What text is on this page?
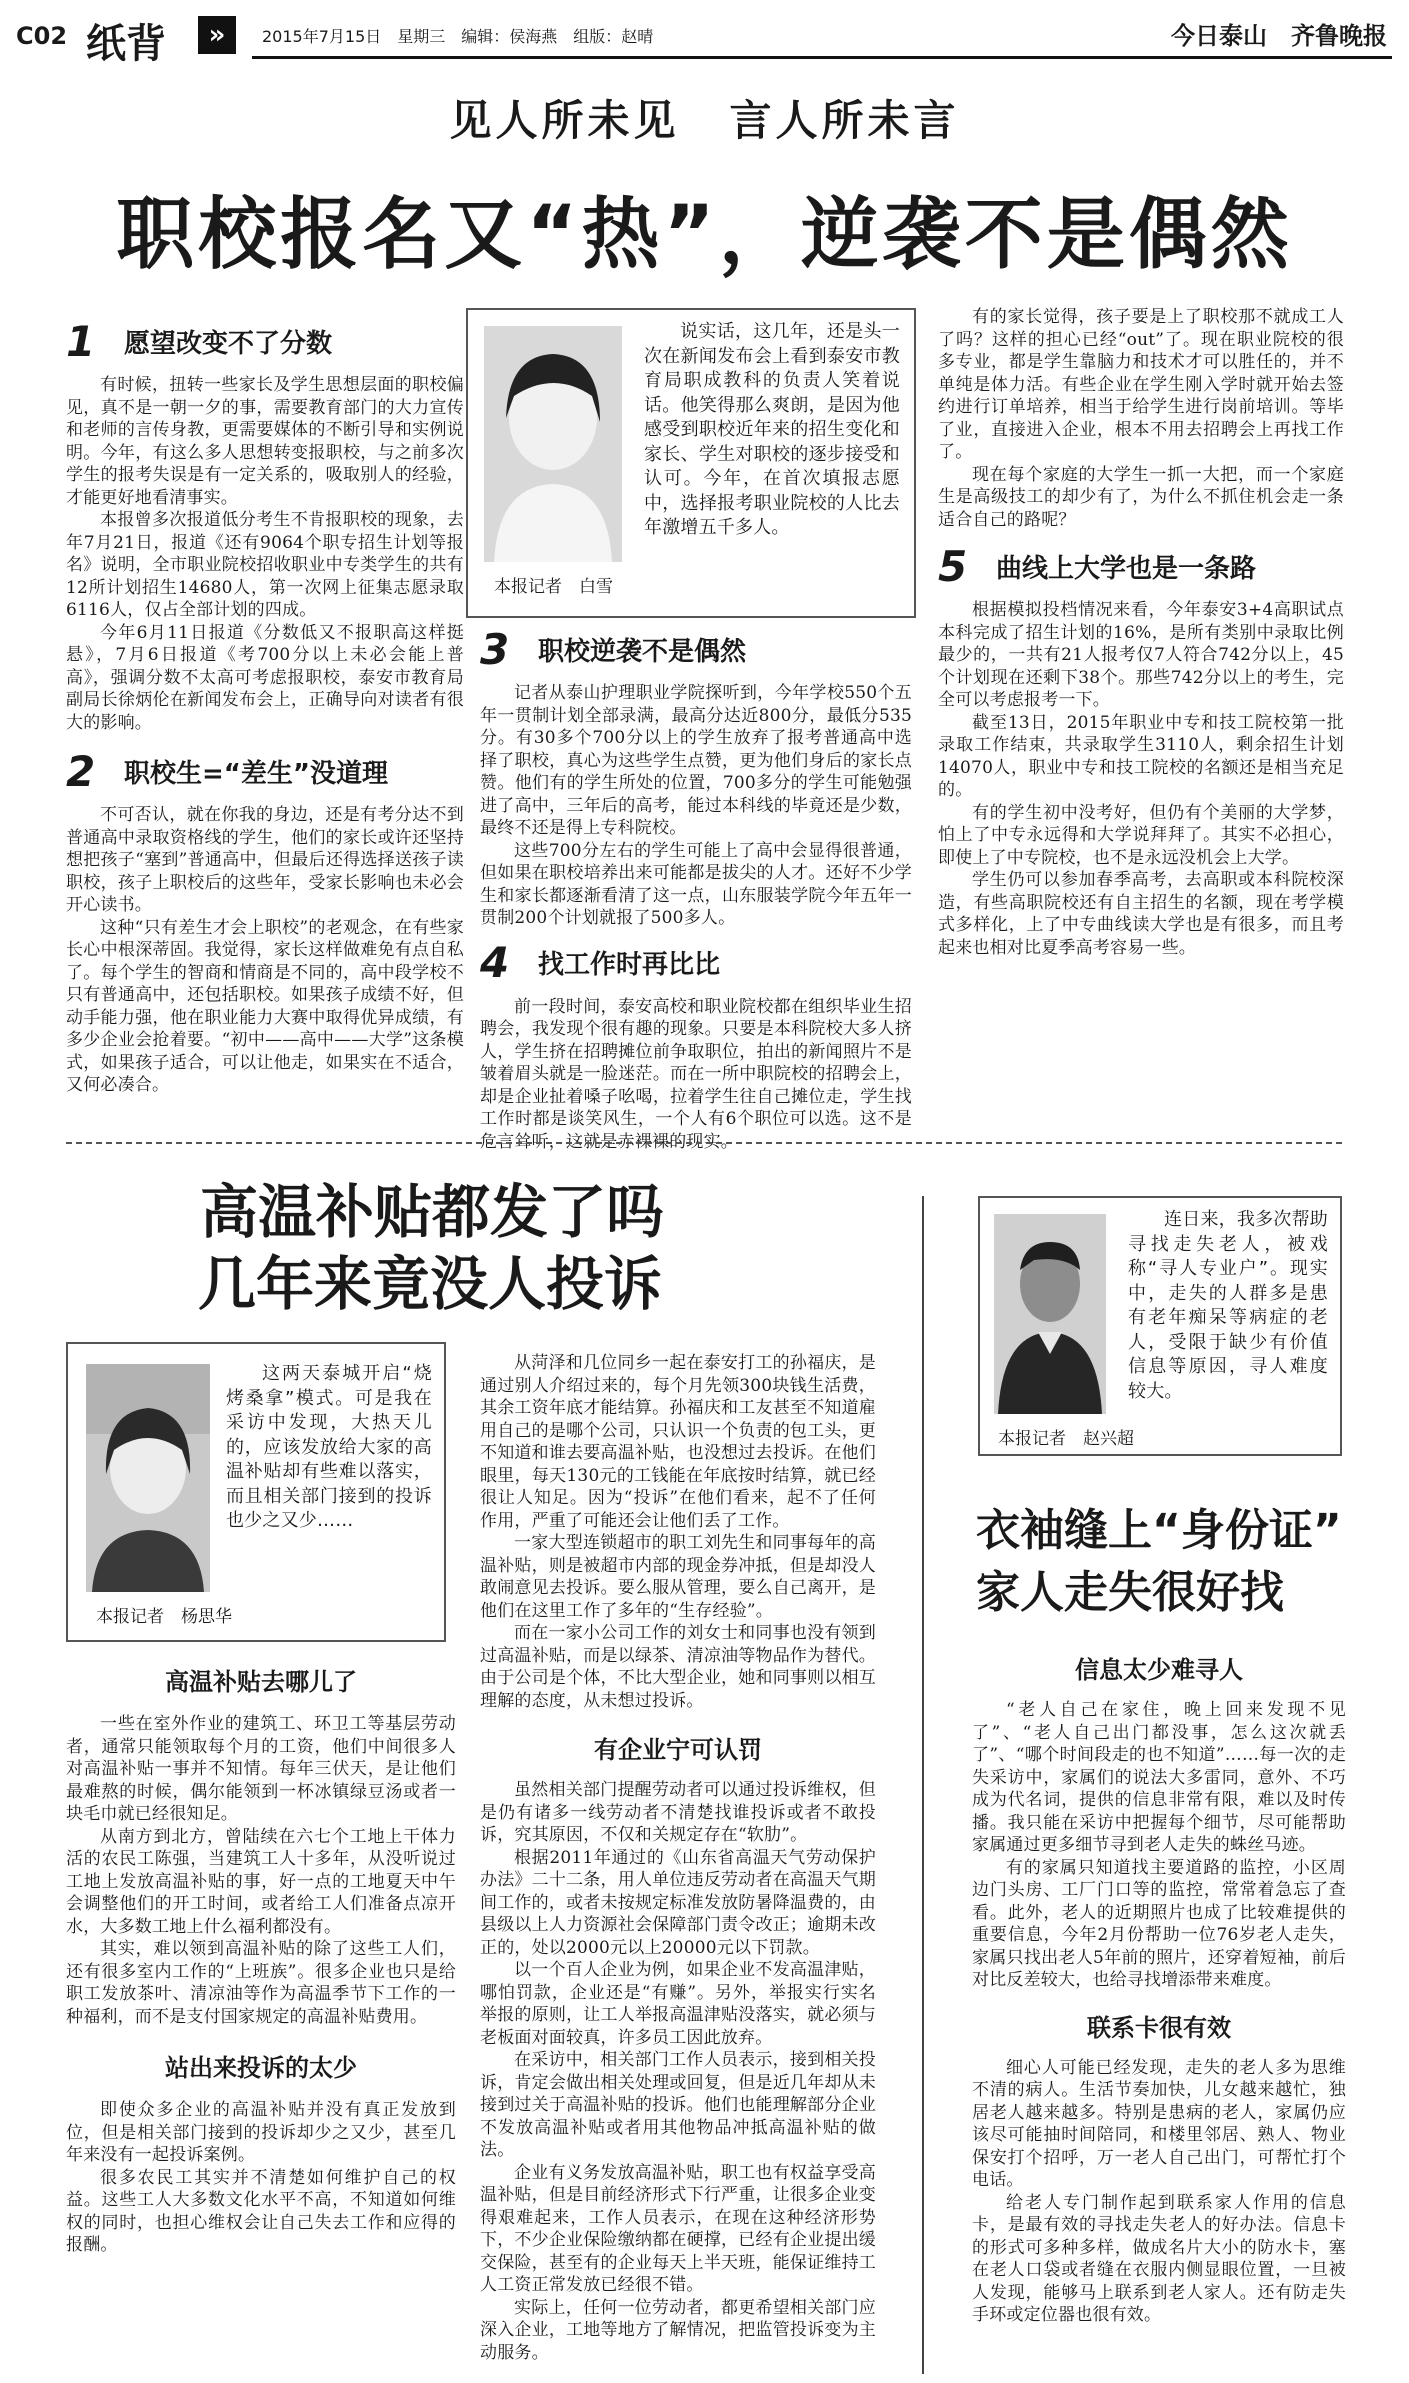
C02 纸背	»	2015年7月15日　星期三　编辑：侯海燕　组版：赵晴	今日泰山　齐鲁晚报
见人所未见 言人所未言
职校报名又“热”，逆袭不是偶然
1	愿望改变不了分数

有时候，扭转一些家长及学生思想层面的职校偏见，真不是一朝一夕的事，需要教育部门的大力宣传和老师的言传身教，更需要媒体的不断引导和实例说明。今年，有这么多人思想转变报职校，与之前多次学生的报考失误是有一定关系的，吸取别人的经验，才能更好地看清事实。

本报曾多次报道低分考生不肯报职校的现象，去年7月21日，报道《还有9064个职专招生计划等报名》说明，全市职业院校招收职业中专类学生的共有12所计划招生14680人，第一次网上征集志愿录取6116人，仅占全部计划的四成。

今年6月11日报道《分数低又不报职高这样挺悬》，7月6日报道《考700分以上未必会能上普高》，强调分数不太高可考虑报职校，泰安市教育局副局长徐炳伦在新闻发布会上，正确导向对读者有很大的影响。

2	职校生=“差生”没道理

不可否认，就在你我的身边，还是有考分达不到普通高中录取资格线的学生，他们的家长或许还坚持想把孩子“塞到”普通高中，但最后还得选择送孩子读职校，孩子上职校后的这些年，受家长影响也未必会开心读书。

这种“只有差生才会上职校”的老观念，在有些家长心中根深蒂固。我觉得，家长这样做难免有点自私了。每个学生的智商和情商是不同的，高中段学校不只有普通高中，还包括职校。如果孩子成绩不好，但动手能力强，他在职业能力大赛中取得优异成绩，有多少企业会抢着要。“初中——高中——大学”这条模式，如果孩子适合，可以让他走，如果实在不适合，又何必凑合。

本报记者　白雪
说实话，这几年，还是头一次在新闻发布会上看到泰安市教育局职成教科的负责人笑着说话。他笑得那么爽朗，是因为他感受到职校近年来的招生变化和家长、学生对职校的逐步接受和认可。今年，在首次填报志愿中，选择报考职业院校的人比去年激增五千多人。
3	职校逆袭不是偶然

记者从泰山护理职业学院探听到，今年学校550个五年一贯制计划全部录满，最高分达近800分，最低分535分。有30多个700分以上的学生放弃了报考普通高中选择了职校，真心为这些学生点赞，更为他们身后的家长点赞。他们有的学生所处的位置，700多分的学生可能勉强进了高中，三年后的高考，能过本科线的毕竟还是少数，最终不还是得上专科院校。

这些700分左右的学生可能上了高中会显得很普通，但如果在职校培养出来可能都是拔尖的人才。还好不少学生和家长都逐渐看清了这一点，山东服装学院今年五年一贯制200个计划就报了500多人。

4	找工作时再比比

前一段时间，泰安高校和职业院校都在组织毕业生招聘会，我发现个很有趣的现象。只要是本科院校大多人挤人，学生挤在招聘摊位前争取职位，拍出的新闻照片不是皱着眉头就是一脸迷茫。而在一所中职院校的招聘会上，却是企业扯着嗓子吆喝，拉着学生往自己摊位走，学生找工作时都是谈笑风生，一个人有6个职位可以选。这不是危言耸听，这就是赤裸裸的现实。

有的家长觉得，孩子要是上了职校那不就成工人了吗？这样的担心已经“out”了。现在职业院校的很多专业，都是学生靠脑力和技术才可以胜任的，并不单纯是体力活。有些企业在学生刚入学时就开始去签约进行订单培养，相当于给学生进行岗前培训。等毕了业，直接进入企业，根本不用去招聘会上再找工作了。

现在每个家庭的大学生一抓一大把，而一个家庭生是高级技工的却少有了，为什么不抓住机会走一条适合自己的路呢？

5	曲线上大学也是一条路

根据模拟投档情况来看，今年泰安3+4高职试点本科完成了招生计划的16%，是所有类别中录取比例最少的，一共有21人报考仅7人符合742分以上，45个计划现在还剩下38个。那些742分以上的考生，完全可以考虑报考一下。

截至13日，2015年职业中专和技工院校第一批录取工作结束，共录取学生3110人，剩余招生计划14070人，职业中专和技工院校的名额还是相当充足的。

有的学生初中没考好，但仍有个美丽的大学梦，怕上了中专永远得和大学说拜拜了。其实不必担心，即使上了中专院校，也不是永远没机会上大学。

学生仍可以参加春季高考，去高职或本科院校深造，有些高职院校还有自主招生的名额，现在考学模式多样化，上了中专曲线读大学也是有很多，而且考起来也相对比夏季高考容易一些。

高温补贴都发了吗
几年来竟没人投诉
本报记者　杨思华
这两天泰城开启“烧烤桑拿”模式。可是我在采访中发现，大热天儿的，应该发放给大家的高温补贴却有些难以落实，而且相关部门接到的投诉也少之又少……
高温补贴去哪儿了

一些在室外作业的建筑工、环卫工等基层劳动者，通常只能领取每个月的工资，他们中间很多人对高温补贴一事并不知情。每年三伏天，是让他们最难熬的时候，偶尔能领到一杯冰镇绿豆汤或者一块毛巾就已经很知足。

从南方到北方，曾陆续在六七个工地上干体力活的农民工陈强，当建筑工人十多年，从没听说过工地上发放高温补贴的事，好一点的工地夏天中午会调整他们的开工时间，或者给工人们准备点凉开水，大多数工地上什么福利都没有。

其实，难以领到高温补贴的除了这些工人们，还有很多室内工作的“上班族”。很多企业也只是给职工发放茶叶、清凉油等作为高温季节下工作的一种福利，而不是支付国家规定的高温补贴费用。

站出来投诉的太少

即使众多企业的高温补贴并没有真正发放到位，但是相关部门接到的投诉却少之又少，甚至几年来没有一起投诉案例。

很多农民工其实并不清楚如何维护自己的权益。这些工人大多数文化水平不高，不知道如何维权的同时，也担心维权会让自己失去工作和应得的报酬。

从菏泽和几位同乡一起在泰安打工的孙福庆，是通过别人介绍过来的，每个月先领300块钱生活费，其余工资年底才能结算。孙福庆和工友甚至不知道雇用自己的是哪个公司，只认识一个负责的包工头，更不知道和谁去要高温补贴，也没想过去投诉。在他们眼里，每天130元的工钱能在年底按时结算，就已经很让人知足。因为“投诉”在他们看来，起不了任何作用，严重了可能还会让他们丢了工作。

一家大型连锁超市的职工刘先生和同事每年的高温补贴，则是被超市内部的现金券冲抵，但是却没人敢闹意见去投诉。要么服从管理，要么自己离开，是他们在这里工作了多年的“生存经验”。

而在一家小公司工作的刘女士和同事也没有领到过高温补贴，而是以绿茶、清凉油等物品作为替代。由于公司是个体，不比大型企业，她和同事则以相互理解的态度，从未想过投诉。

有企业宁可认罚

虽然相关部门提醒劳动者可以通过投诉维权，但是仍有诸多一线劳动者不清楚找谁投诉或者不敢投诉，究其原因，不仅和关规定存在“软肋”。

根据2011年通过的《山东省高温天气劳动保护办法》二十二条，用人单位违反劳动者在高温天气期间工作的，或者未按规定标准发放防暑降温费的，由县级以上人力资源社会保障部门责令改正；逾期未改正的，处以2000元以上20000元以下罚款。

以一个百人企业为例，如果企业不发高温津贴，哪怕罚款，企业还是“有赚”。另外，举报实行实名举报的原则，让工人举报高温津贴没落实，就必须与老板面对面较真，许多员工因此放弃。

在采访中，相关部门工作人员表示，接到相关投诉，肯定会做出相关处理或回复，但是近几年却从未接到过关于高温补贴的投诉。他们也能理解部分企业不发放高温补贴或者用其他物品冲抵高温补贴的做法。

企业有义务发放高温补贴，职工也有权益享受高温补贴，但是目前经济形式下行严重，让很多企业变得艰难起来，工作人员表示，在现在这种经济形势下，不少企业保险缴纳都在硬撑，已经有企业提出缓交保险，甚至有的企业每天上半天班，能保证维持工人工资正常发放已经很不错。

实际上，任何一位劳动者，都更希望相关部门应深入企业，工地等地方了解情况，把监管投诉变为主动服务。

本报记者　赵兴超
连日来，我多次帮助寻找走失老人，被戏称“寻人专业户”。现实中，走失的人群多是患有老年痴呆等病症的老人，受限于缺少有价值信息等原因，寻人难度较大。
衣袖缝上“身份证”
家人走失很好找
信息太少难寻人

“老人自己在家住，晚上回来发现不见了”、“老人自己出门都没事，怎么这次就丢了”、“哪个时间段走的也不知道”……每一次的走失采访中，家属们的说法大多雷同，意外、不巧成为代名词，提供的信息非常有限，难以及时传播。我只能在采访中把握每个细节，尽可能帮助家属通过更多细节寻到老人走失的蛛丝马迹。

有的家属只知道找主要道路的监控，小区周边门头房、工厂门口等的监控，常常着急忘了查看。此外，老人的近期照片也成了比较难提供的重要信息，今年2月份帮助一位76岁老人走失，家属只找出老人5年前的照片，还穿着短袖，前后对比反差较大，也给寻找增添带来难度。

联系卡很有效

细心人可能已经发现，走失的老人多为思维不清的病人。生活节奏加快，儿女越来越忙，独居老人越来越多。特别是患病的老人，家属仍应该尽可能抽时间陪同，和楼里邻居、熟人、物业保安打个招呼，万一老人自己出门，可帮忙打个电话。

给老人专门制作起到联系家人作用的信息卡，是最有效的寻找走失老人的好办法。信息卡的形式可多种多样，做成名片大小的防水卡，塞在老人口袋或者缝在衣服内侧显眼位置，一旦被人发现，能够马上联系到老人家人。还有防走失手环或定位器也很有效。
